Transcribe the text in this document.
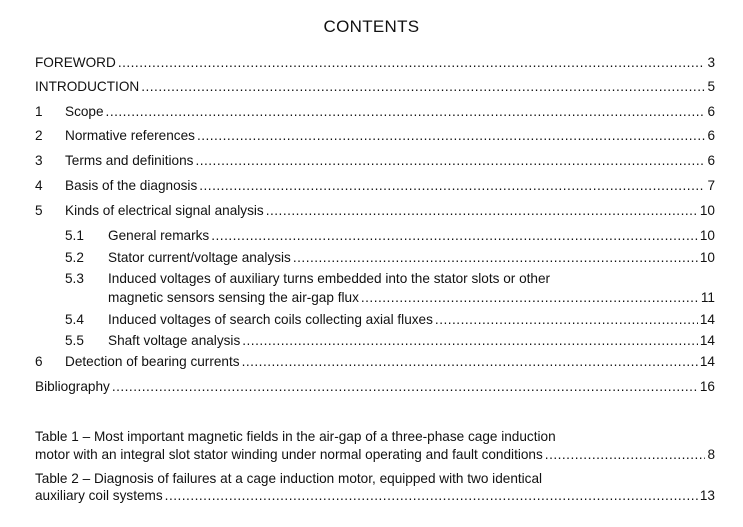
CONTENTS
FOREWORD .....	3
INTRODUCTION .....	5
1	Scope .....	6
2	Normative references .....	6
3	Terms and definitions .....	6
4	Basis of the diagnosis .....	7
5	Kinds of electrical signal analysis .....	10
5.1	General remarks .....	10
5.2	Stator current/voltage analysis .....	10
5.3	Induced voltages of auxiliary turns embedded into the stator slots or other
magnetic sensors sensing the air-gap flux .....	11
5.4	Induced voltages of search coils collecting axial fluxes .....	14
5.5	Shaft voltage analysis .....	14
6	Detection of bearing currents .....	14
Bibliography .....	16
Table 1 – Most important magnetic fields in the air-gap of a three-phase cage induction
motor with an integral slot stator winding under normal operating and fault conditions .....	8
Table 2 – Diagnosis of failures at a cage induction motor, equipped with two identical
auxiliary coil systems .....	13
